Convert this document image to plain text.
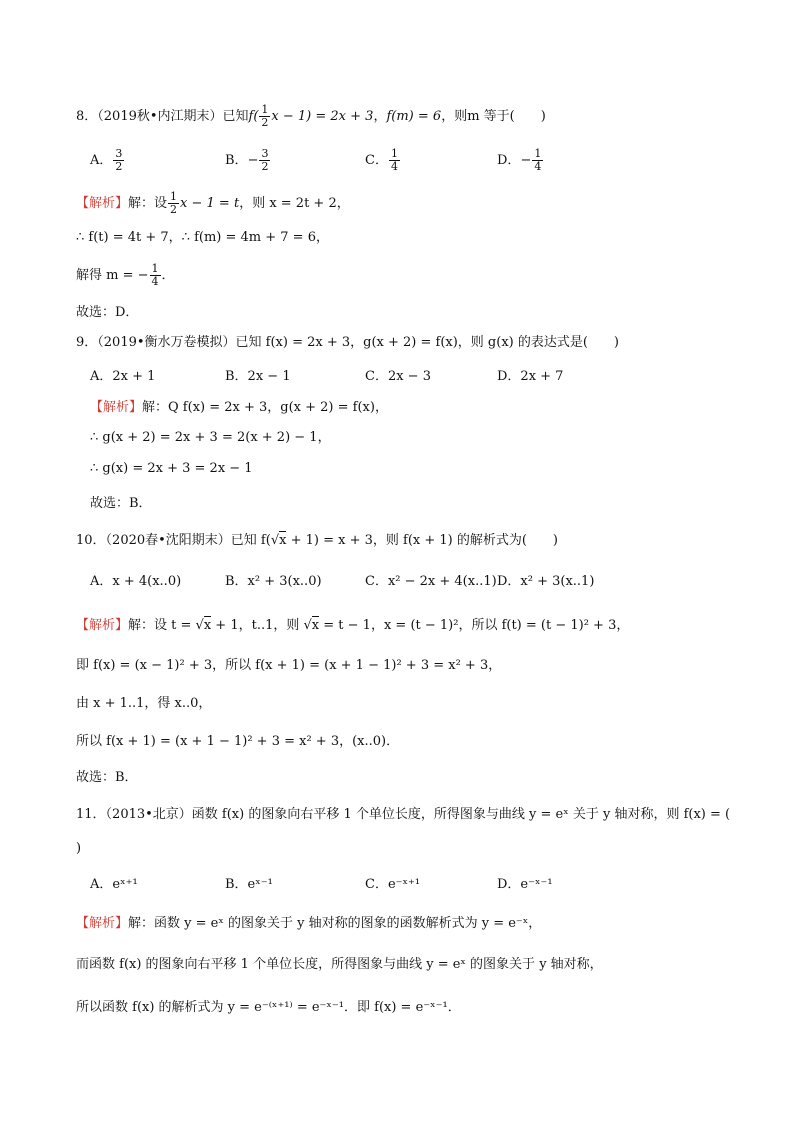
8．（2019秋•内江期末）已知$f( \frac{1}{2}$ x − 1) = 2x + 3，f(m) = 6，则m 等于(　　)
A． $\frac{3}{2}$	B．− $\frac{3}{2}$	C． $\frac{1}{4}$	D．− $\frac{1}{4}$
【解析】解：设 $\frac{1}{2}$ x − 1 = t，则 x = 2t + 2，
∴ f(t) = 4t + 7，∴ f(m) = 4m + 7 = 6，
解得 m = − $\frac{1}{4}$ ．
故选：D．
9．（2019•衡水万卷模拟）已知 f(x) = 2x + 3，g(x + 2) = f(x)，则 g(x) 的表达式是(　　)
A．2x + 1	B．2x − 1	C．2x − 3	D．2x + 7
【解析】解：Q f(x) = 2x + 3，g(x + 2) = f(x)，
∴ g(x + 2) = 2x + 3 = 2(x + 2) − 1，
∴ g(x) = 2x + 3 = 2x − 1
故选：B．
10．（2020春•沈阳期末）已知 f(√x + 1) = x + 3，则 f(x + 1) 的解析式为(　　)
A．x + 4(x..0)	B．x² + 3(x..0)	C．x² − 2x + 4(x..1) D．x² + 3(x..1)
【解析】解：设 t = √x + 1，t..1，则 √x = t − 1，x = (t − 1)²，所以 f(t) = (t − 1)² + 3，
即 f(x) = (x − 1)² + 3，所以 f(x + 1) = (x + 1 − 1)² + 3 = x² + 3，
由 x + 1..1，得 x..0，
所以 f(x + 1) = (x + 1 − 1)² + 3 = x² + 3，(x..0)．
故选：B．
11．（2013•北京）函数 f(x) 的图象向右平移 1 个单位长度，所得图象与曲线 y = eˣ 关于 y 轴对称，则 f(x) = (
)
A．eˣ⁺¹	B．eˣ⁻¹	C．e⁻ˣ⁺¹	D．e⁻ˣ⁻¹
【解析】解：函数 y = eˣ 的图象关于 y 轴对称的图象的函数解析式为 y = e⁻ˣ，
而函数 f(x) 的图象向右平移 1 个单位长度，所得图象与曲线 y = eˣ 的图象关于 y 轴对称，
所以函数 f(x) 的解析式为 y = e⁻⁽ˣ⁺¹⁾ = e⁻ˣ⁻¹．即 f(x) = e⁻ˣ⁻¹．
